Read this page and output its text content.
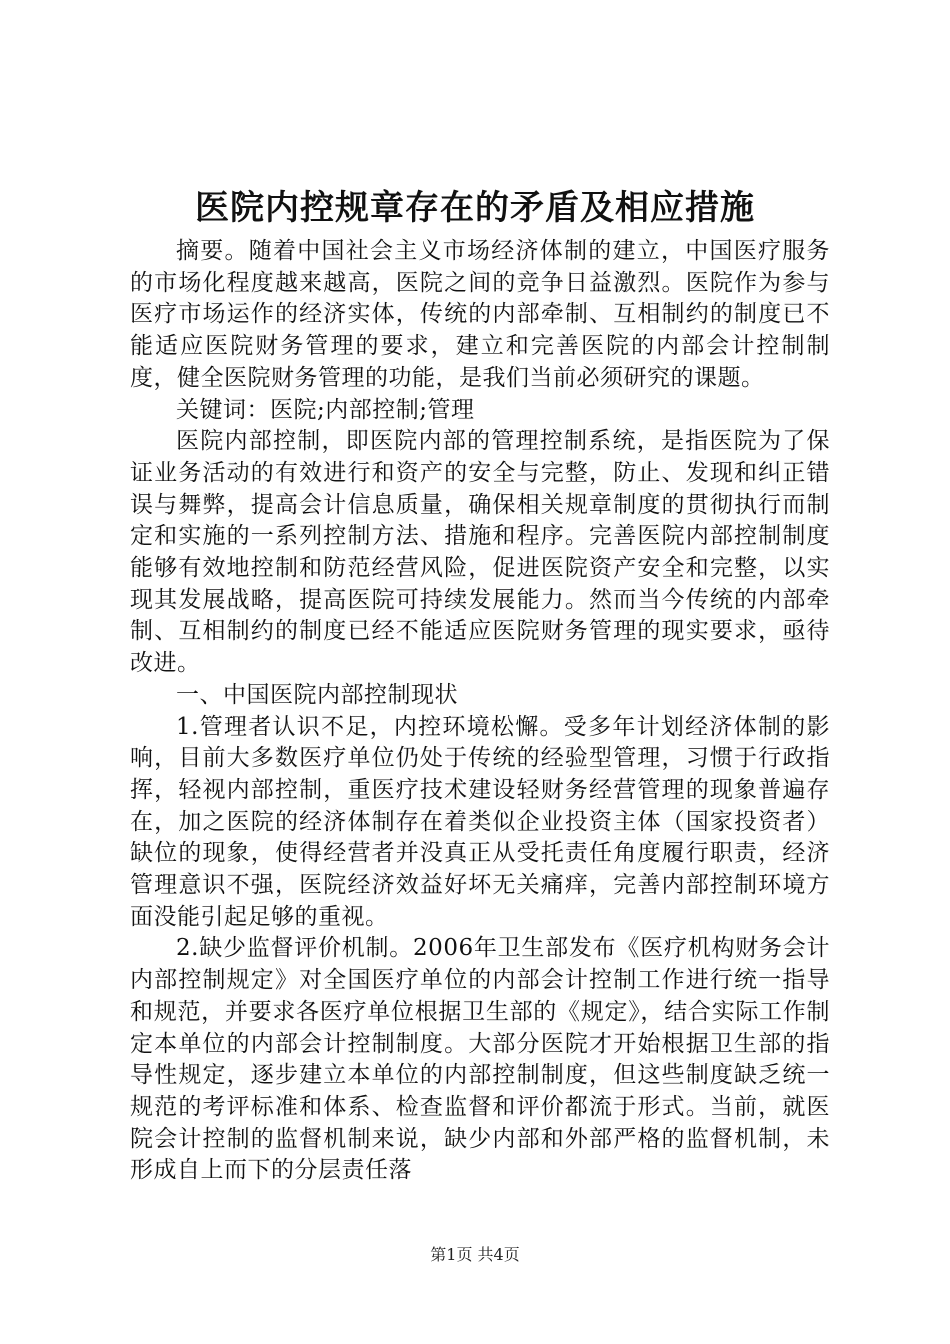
医院内控规章存在的矛盾及相应措施

摘要。随着中国社会主义市场经济体制的建立，中国医疗服务的市场化程度越来越高，医院之间的竞争日益激烈。医院作为参与医疗市场运作的经济实体，传统的内部牵制、互相制约的制度已不能适应医院财务管理的要求，建立和完善医院的内部会计控制制度，健全医院财务管理的功能，是我们当前必须研究的课题。

关键词：医院;内部控制;管理

医院内部控制，即医院内部的管理控制系统，是指医院为了保证业务活动的有效进行和资产的安全与完整，防止、发现和纠正错误与舞弊，提高会计信息质量，确保相关规章制度的贯彻执行而制定和实施的一系列控制方法、措施和程序。完善医院内部控制制度能够有效地控制和防范经营风险，促进医院资产安全和完整，以实现其发展战略，提高医院可持续发展能力。然而当今传统的内部牵制、互相制约的制度已经不能适应医院财务管理的现实要求，亟待改进。

一、中国医院内部控制现状

1.管理者认识不足，内控环境松懈。受多年计划经济体制的影响，目前大多数医疗单位仍处于传统的经验型管理，习惯于行政指挥，轻视内部控制，重医疗技术建设轻财务经营管理的现象普遍存在，加之医院的经济体制存在着类似企业投资主体（国家投资者）缺位的现象，使得经营者并没真正从受托责任角度履行职责，经济管理意识不强，医院经济效益好坏无关痛痒，完善内部控制环境方面没能引起足够的重视。

2.缺少监督评价机制。2006年卫生部发布《医疗机构财务会计内部控制规定》对全国医疗单位的内部会计控制工作进行统一指导和规范，并要求各医疗单位根据卫生部的《规定》，结合实际工作制定本单位的内部会计控制制度。大部分医院才开始根据卫生部的指导性规定，逐步建立本单位的内部控制制度，但这些制度缺乏统一规范的考评标准和体系、检查监督和评价都流于形式。当前，就医院会计控制的监督机制来说，缺少内部和外部严格的监督机制，未形成自上而下的分层责任落

第1页 共4页
